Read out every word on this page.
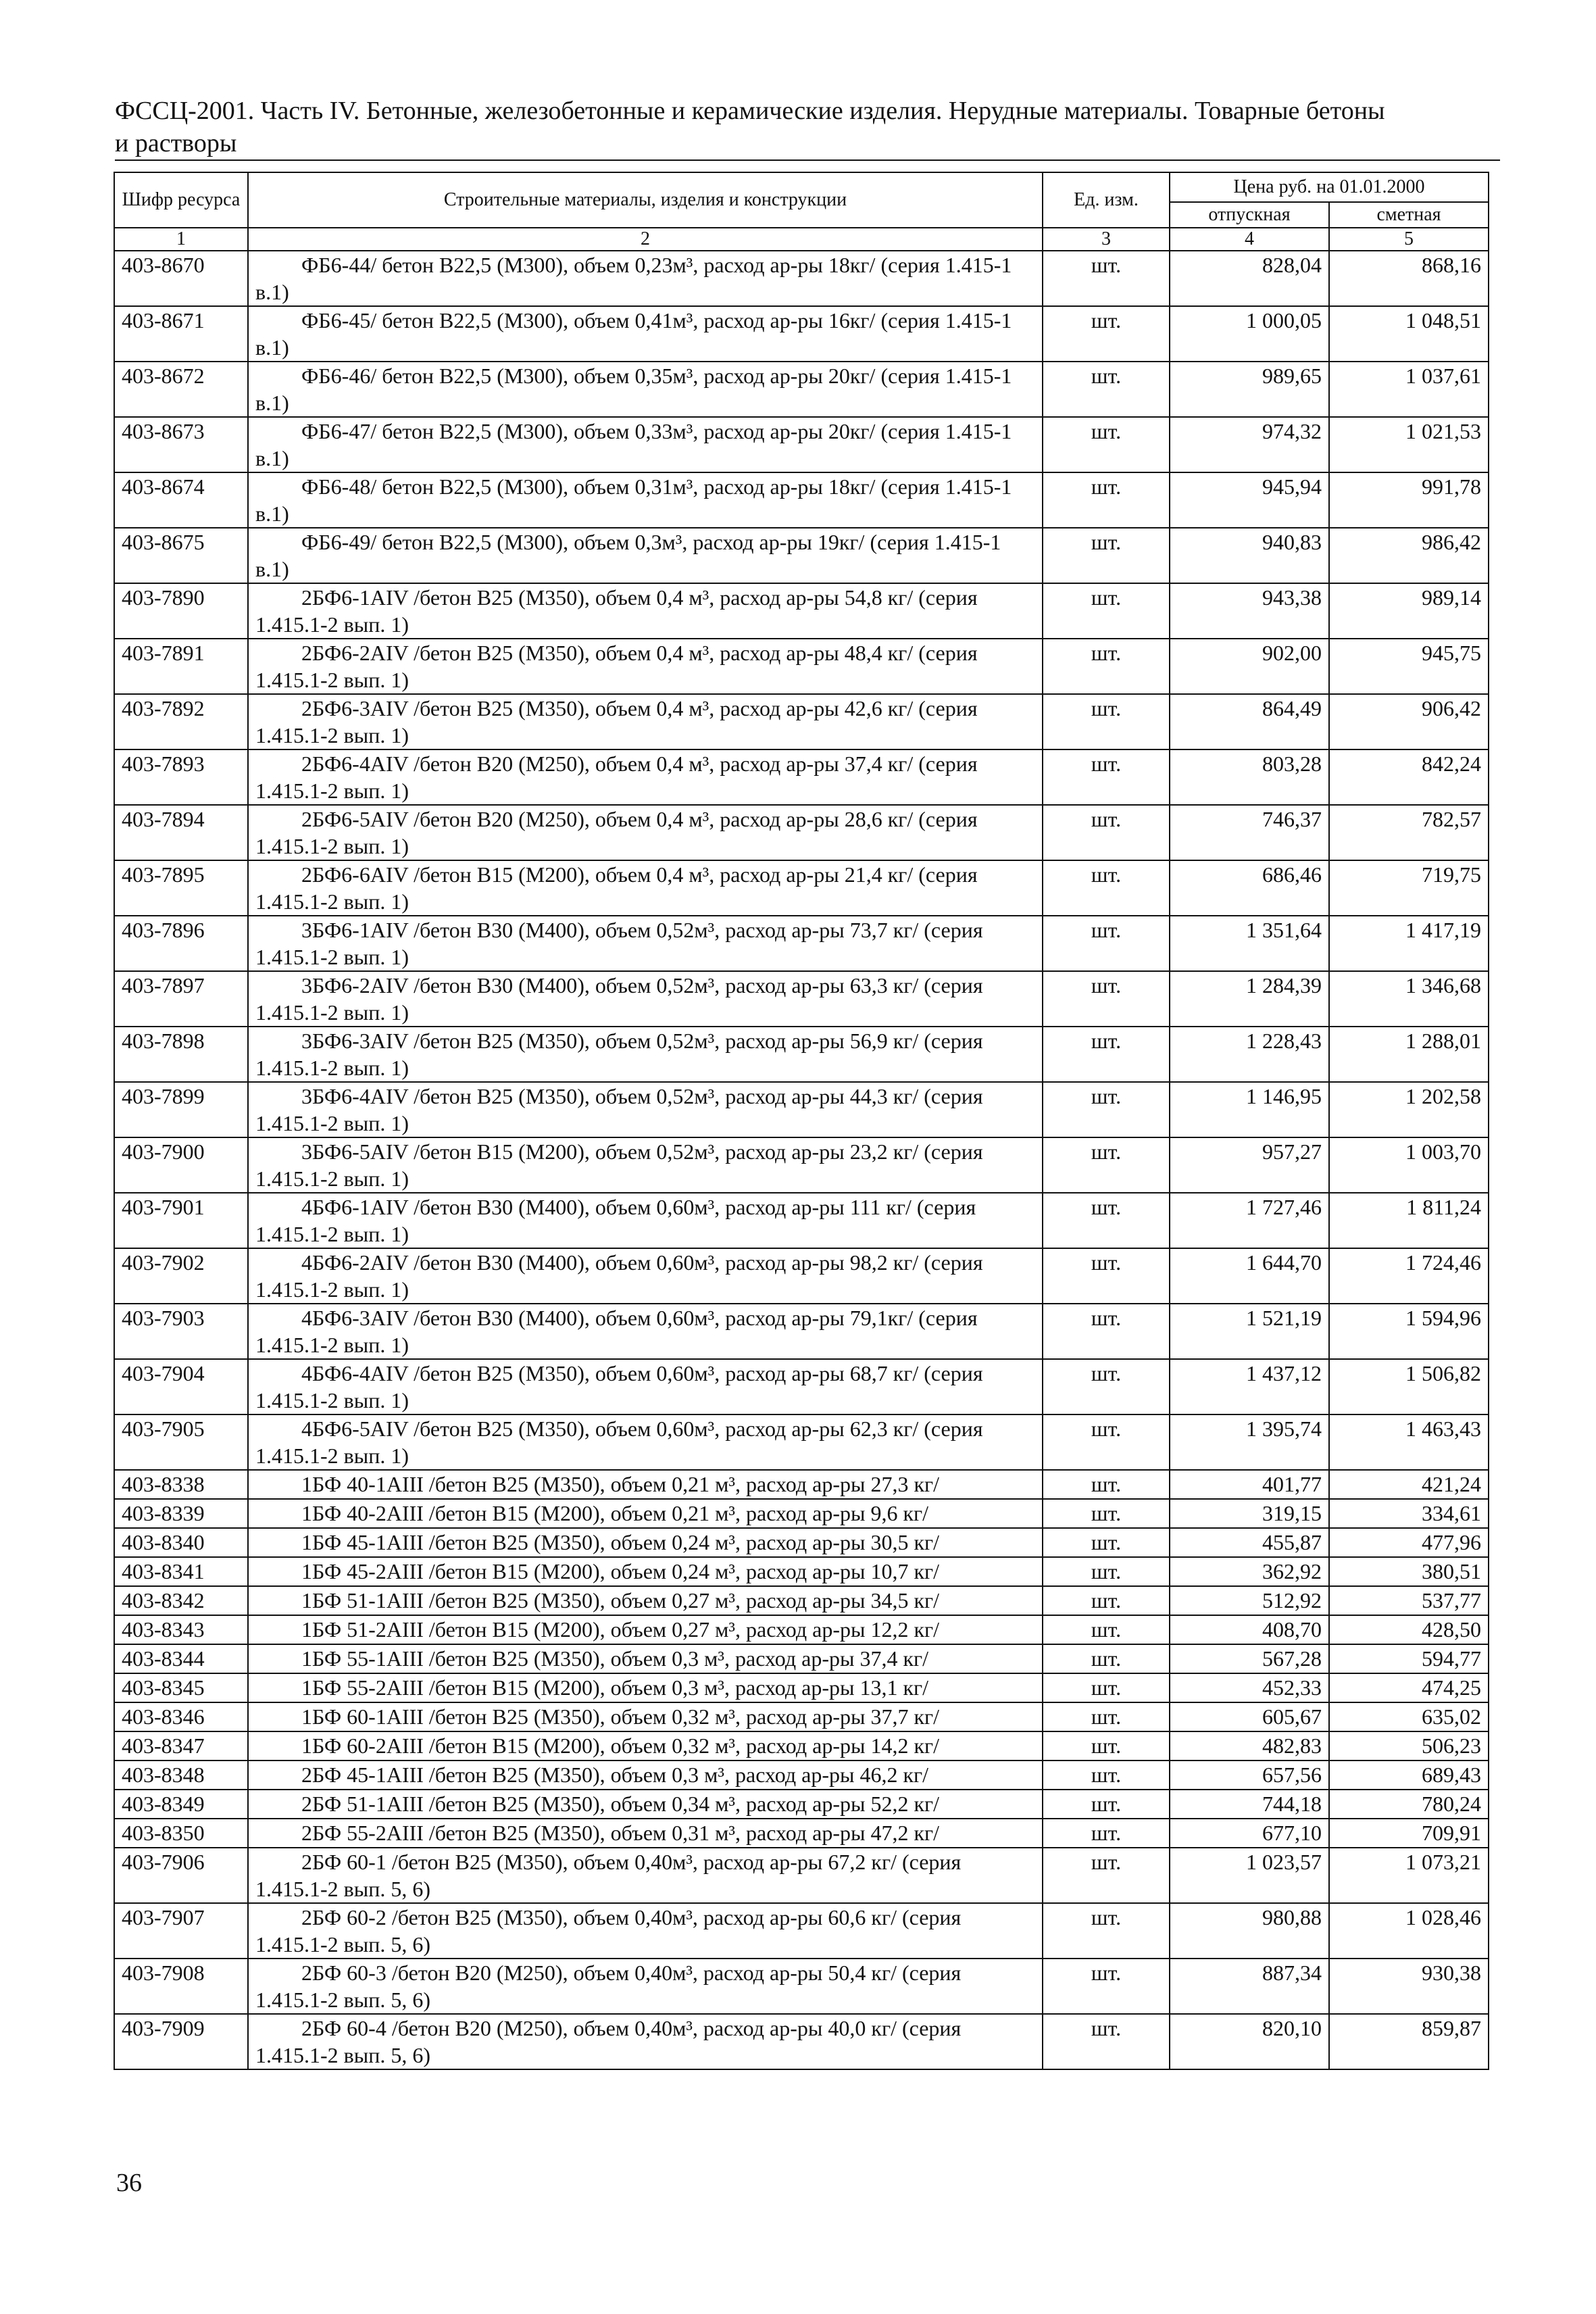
ФССЦ-2001. Часть IV. Бетонные, железобетонные и керамические изделия. Нерудные материалы. Товарные бетоны
и растворы
Шифр ресурса	Строительные материалы, изделия и конструкции	Ед. изм.	Цена руб. на 01.01.2000	
			отпускная	сметная
1	2	3	4	5
403-8670	ФБ6-44/ бетон B22,5 (М300), объем 0,23м³, расход ар-ры 18кг/ (серия 1.415-1 в.1)	шт.	828,04	868,16
403-8671	ФБ6-45/ бетон B22,5 (М300), объем 0,41м³, расход ар-ры 16кг/ (серия 1.415-1 в.1)	шт.	1 000,05	1 048,51
403-8672	ФБ6-46/ бетон B22,5 (М300), объем 0,35м³, расход ар-ры 20кг/ (серия 1.415-1 в.1)	шт.	989,65	1 037,61
403-8673	ФБ6-47/ бетон B22,5 (М300), объем 0,33м³, расход ар-ры 20кг/ (серия 1.415-1 в.1)	шт.	974,32	1 021,53
403-8674	ФБ6-48/ бетон B22,5 (М300), объем 0,31м³, расход ар-ры 18кг/ (серия 1.415-1 в.1)	шт.	945,94	991,78
403-8675	ФБ6-49/ бетон B22,5 (М300), объем 0,3м³, расход ар-ры 19кг/ (серия 1.415-1 в.1)	шт.	940,83	986,42
403-7890	2БФ6-1AIV /бетон B25 (М350), объем 0,4 м³, расход ар-ры 54,8 кг/ (серия 1.415.1-2 вып. 1)	шт.	943,38	989,14
403-7891	2БФ6-2AIV /бетон B25 (М350), объем 0,4 м³, расход ар-ры 48,4 кг/ (серия 1.415.1-2 вып. 1)	шт.	902,00	945,75
403-7892	2БФ6-3AIV /бетон B25 (М350), объем 0,4 м³, расход ар-ры 42,6 кг/ (серия 1.415.1-2 вып. 1)	шт.	864,49	906,42
403-7893	2БФ6-4AIV /бетон B20 (М250), объем 0,4 м³, расход ар-ры 37,4 кг/ (серия 1.415.1-2 вып. 1)	шт.	803,28	842,24
403-7894	2БФ6-5AIV /бетон B20 (М250), объем 0,4 м³, расход ар-ры 28,6 кг/ (серия 1.415.1-2 вып. 1)	шт.	746,37	782,57
403-7895	2БФ6-6AIV /бетон B15 (М200), объем 0,4 м³, расход ар-ры 21,4 кг/ (серия 1.415.1-2 вып. 1)	шт.	686,46	719,75
403-7896	3БФ6-1AIV /бетон B30 (М400), объем 0,52м³, расход ар-ры 73,7 кг/ (серия 1.415.1-2 вып. 1)	шт.	1 351,64	1 417,19
403-7897	3БФ6-2AIV /бетон B30 (М400), объем 0,52м³, расход ар-ры 63,3 кг/ (серия 1.415.1-2 вып. 1)	шт.	1 284,39	1 346,68
403-7898	3БФ6-3AIV /бетон B25 (М350), объем 0,52м³, расход ар-ры 56,9 кг/ (серия 1.415.1-2 вып. 1)	шт.	1 228,43	1 288,01
403-7899	3БФ6-4AIV /бетон B25 (М350), объем 0,52м³, расход ар-ры 44,3 кг/ (серия 1.415.1-2 вып. 1)	шт.	1 146,95	1 202,58
403-7900	3БФ6-5AIV /бетон B15 (М200), объем 0,52м³, расход ар-ры 23,2 кг/ (серия 1.415.1-2 вып. 1)	шт.	957,27	1 003,70
403-7901	4БФ6-1AIV /бетон B30 (М400), объем 0,60м³, расход ар-ры 111 кг/ (серия 1.415.1-2 вып. 1)	шт.	1 727,46	1 811,24
403-7902	4БФ6-2AIV /бетон B30 (М400), объем 0,60м³, расход ар-ры 98,2 кг/ (серия 1.415.1-2 вып. 1)	шт.	1 644,70	1 724,46
403-7903	4БФ6-3AIV /бетон B30 (М400), объем 0,60м³, расход ар-ры 79,1кг/ (серия 1.415.1-2 вып. 1)	шт.	1 521,19	1 594,96
403-7904	4БФ6-4AIV /бетон B25 (М350), объем 0,60м³, расход ар-ры 68,7 кг/ (серия 1.415.1-2 вып. 1)	шт.	1 437,12	1 506,82
403-7905	4БФ6-5AIV /бетон B25 (М350), объем 0,60м³, расход ар-ры 62,3 кг/ (серия 1.415.1-2 вып. 1)	шт.	1 395,74	1 463,43
403-8338	1БФ 40-1AIII /бетон B25 (М350), объем 0,21 м³, расход ар-ры 27,3 кг/	шт.	401,77	421,24
403-8339	1БФ 40-2AIII /бетон B15 (М200), объем 0,21 м³, расход ар-ры 9,6 кг/	шт.	319,15	334,61
403-8340	1БФ 45-1AIII /бетон B25 (М350), объем 0,24 м³, расход ар-ры 30,5 кг/	шт.	455,87	477,96
403-8341	1БФ 45-2AIII /бетон B15 (М200), объем 0,24 м³, расход ар-ры 10,7 кг/	шт.	362,92	380,51
403-8342	1БФ 51-1AIII /бетон B25 (М350), объем 0,27 м³, расход ар-ры 34,5 кг/	шт.	512,92	537,77
403-8343	1БФ 51-2AIII /бетон B15 (М200), объем 0,27 м³, расход ар-ры 12,2 кг/	шт.	408,70	428,50
403-8344	1БФ 55-1AIII /бетон B25 (М350), объем 0,3 м³, расход ар-ры 37,4 кг/	шт.	567,28	594,77
403-8345	1БФ 55-2AIII /бетон B15 (М200), объем 0,3 м³, расход ар-ры 13,1 кг/	шт.	452,33	474,25
403-8346	1БФ 60-1AIII /бетон B25 (М350), объем 0,32 м³, расход ар-ры 37,7 кг/	шт.	605,67	635,02
403-8347	1БФ 60-2AIII /бетон B15 (М200), объем 0,32 м³, расход ар-ры 14,2 кг/	шт.	482,83	506,23
403-8348	2БФ 45-1AIII /бетон B25 (М350), объем 0,3 м³, расход ар-ры 46,2 кг/	шт.	657,56	689,43
403-8349	2БФ 51-1AIII /бетон B25 (М350), объем 0,34 м³, расход ар-ры 52,2 кг/	шт.	744,18	780,24
403-8350	2БФ 55-2AIII /бетон B25 (М350), объем 0,31 м³, расход ар-ры 47,2 кг/	шт.	677,10	709,91
403-7906	2БФ 60-1 /бетон B25 (М350), объем 0,40м³, расход ар-ры 67,2 кг/ (серия 1.415.1-2 вып. 5, 6)	шт.	1 023,57	1 073,21
403-7907	2БФ 60-2 /бетон B25 (М350), объем 0,40м³, расход ар-ры 60,6 кг/ (серия 1.415.1-2 вып. 5, 6)	шт.	980,88	1 028,46
403-7908	2БФ 60-3 /бетон B20 (М250), объем 0,40м³, расход ар-ры 50,4 кг/ (серия 1.415.1-2 вып. 5, 6)	шт.	887,34	930,38
403-7909	2БФ 60-4 /бетон B20 (М250), объем 0,40м³, расход ар-ры 40,0 кг/ (серия 1.415.1-2 вып. 5, 6)	шт.	820,10	859,87
36
